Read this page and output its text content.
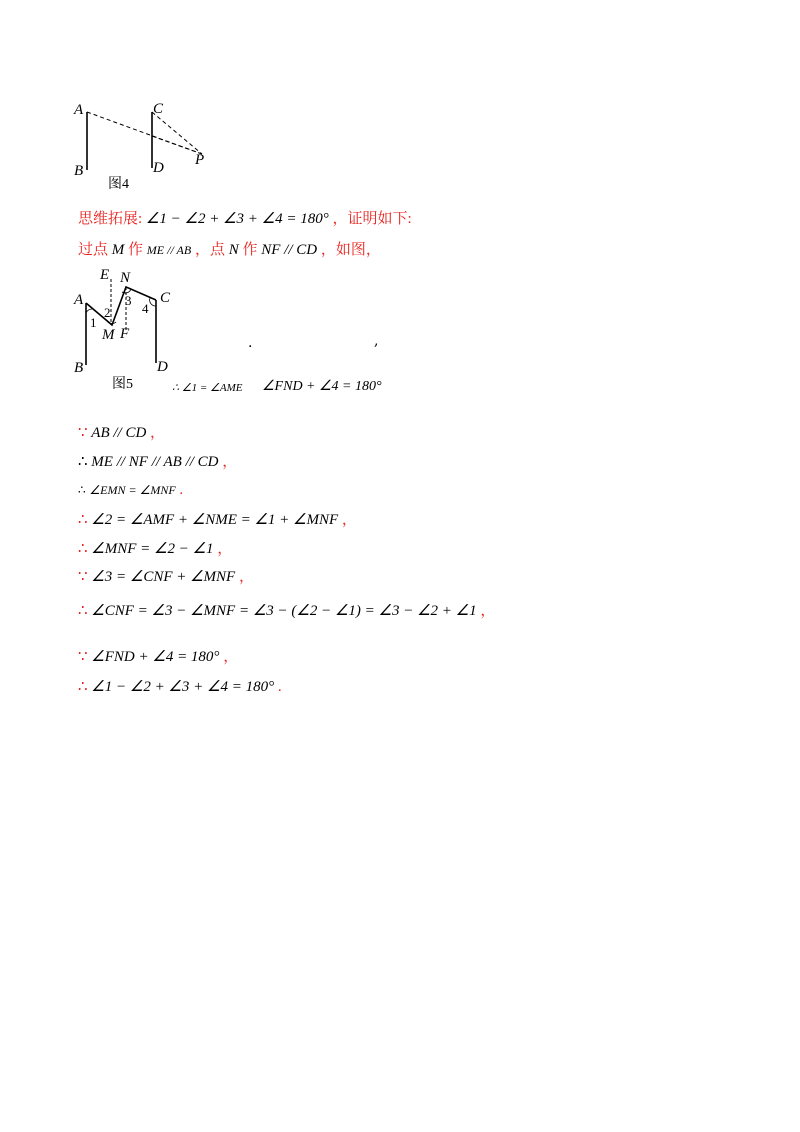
A
B
C
D P
图4
思维拓展: ∠1 − ∠2 + ∠3 + ∠4 = 180° ，证明如下:
过点 M 作 ME // AB ，点 N 作 NF // CD ，如图，
E N
A	C
M F
B	D
1
2
3
4
图5
.	,
∴ ∠1 = ∠AME ∠FND + ∠4 = 180°
∵ AB // CD ，
∴ ME // NF // AB // CD ，
∴ ∠EMN = ∠MNF .
∴ ∠2 = ∠AMF + ∠NME = ∠1 + ∠MNF ，
∴ ∠MNF = ∠2 − ∠1 ，
∵ ∠3 = ∠CNF + ∠MNF ，
∴ ∠CNF = ∠3 − ∠MNF = ∠3 − (∠2 − ∠1) = ∠3 − ∠2 + ∠1 ，
∵ ∠FND + ∠4 = 180° ，
∴ ∠1 − ∠2 + ∠3 + ∠4 = 180° .
